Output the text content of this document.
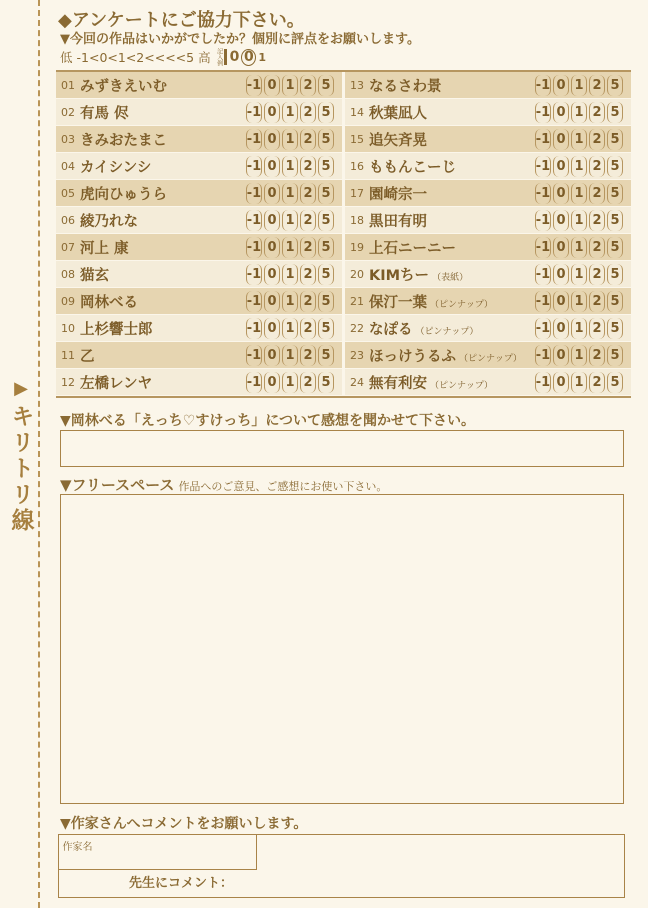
▶
キリトリ線
◆アンケートにご協力下さい。
▼今回の作品はいかがでしたか？個別に評点をお願いします。
低 -1<0<1<2<<<<5 高 記入例 0 0 1
01 みずきえいむ	-1 0 1 2 5
02 有馬 侭	-1 0 1 2 5
03 きみおたまこ	-1 0 1 2 5
04 カイシンシ	-1 0 1 2 5
05 虎向ひゅうら	-1 0 1 2 5
06 綾乃れな	-1 0 1 2 5
07 河上 康	-1 0 1 2 5
08 猫玄	-1 0 1 2 5
09 岡林べる	-1 0 1 2 5
10 上杉響士郎	-1 0 1 2 5
11 乙	-1 0 1 2 5
12 左橋レンヤ	-1 0 1 2 5
13 なるさわ景	-1 0 1 2 5
14 秋葉凪人	-1 0 1 2 5
15 追矢斉晃	-1 0 1 2 5
16 ももんこーじ	-1 0 1 2 5
17 園崎宗一	-1 0 1 2 5
18 黒田有明	-1 0 1 2 5
19 上石ニーニー	-1 0 1 2 5
20 KIMちー （表紙）	-1 0 1 2 5
21 保汀一葉 （ピンナップ）	-1 0 1 2 5
22 なぽる （ピンナップ）	-1 0 1 2 5
23 ほっけうるふ （ピンナップ） -1 0 1 2 5
24 無有利安 （ピンナップ）	-1 0 1 2 5
▼岡林べる「えっち♡すけっち」について感想を聞かせて下さい。
▼フリースペース 作品へのご意見、ご感想にお使い下さい。
▼作家さんへコメントをお願いします。
作家名
先生にコメント：
